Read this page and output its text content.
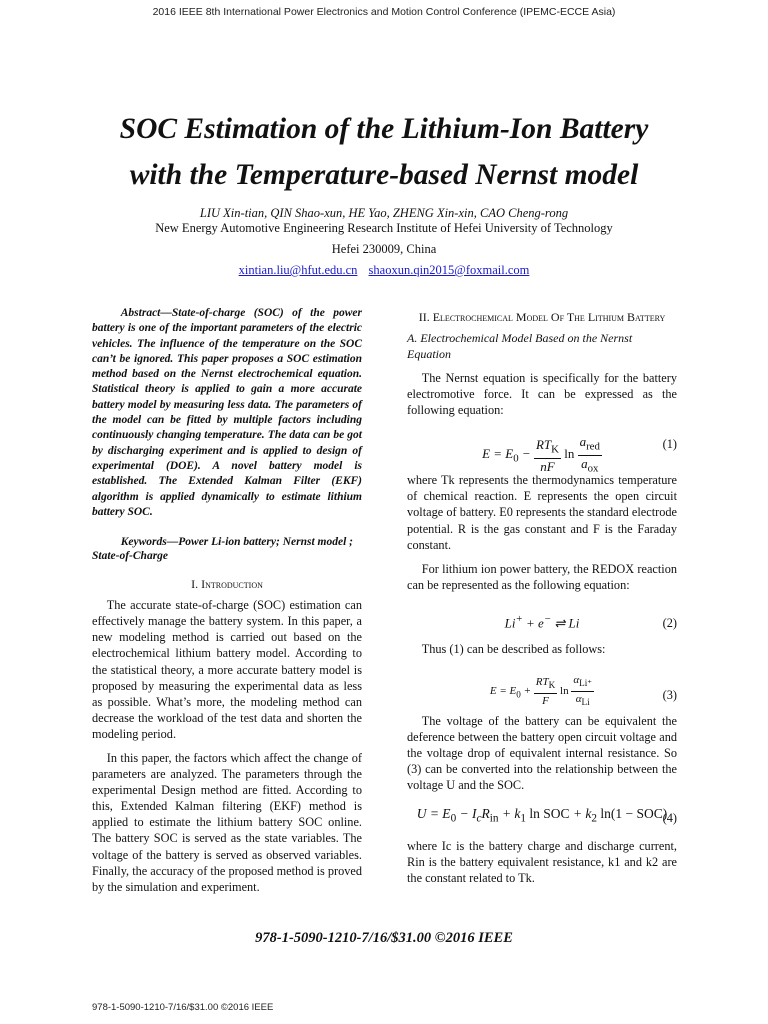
2016 IEEE 8th International Power Electronics and Motion Control Conference (IPEMC-ECCE Asia)
SOC Estimation of the Lithium-Ion Battery
with the Temperature-based Nernst model
LIU Xin-tian, QIN Shao-xun, HE Yao, ZHENG Xin-xin, CAO Cheng-rong
New Energy Automotive Engineering Research Institute of Hefei University of Technology
Hefei 230009, China
xintian.liu@hfut.edu.cn shaoxun.qin2015@foxmail.com
Abstract—State-of-charge (SOC) of the power battery is one of the important parameters of the electric vehicles. The influence of the temperature on the SOC can’t be ignored. This paper proposes a SOC estimation method based on the Nernst electrochemical equation. Statistical theory is applied to gain a more accurate battery model by measuring less data. The parameters of the model can be fitted by multiple factors including continuously changing temperature. The data can be got by discharging experiment and is applied to design of experimental (DOE). A novel battery model is established. The Extended Kalman Filter (EKF) algorithm is applied dynamically to estimate lithium battery SOC.
Keywords—Power Li-ion battery; Nernst model ; State-of-Charge
I. Introduction

The accurate state-of-charge (SOC) estimation can effectively manage the battery system. In this paper, a new modeling method is carried out based on the electrochemical lithium battery model. According to the statistical theory, a more accurate battery model is proposed by measuring the experimental data as less as possible. What’s more, the modeling method can decrease the workload of the test data and shorten the modeling period.

In this paper, the factors which affect the change of parameters are analyzed. The parameters through the experimental Design method are fitted. According to this, Extended Kalman filtering (EKF) method is applied to estimate the lithium battery SOC online. The battery SOC is served as the state variables. The voltage of the battery is served as observed variables. Finally, the accuracy of the proposed method is proved by the simulation and experiment.

II. Electrochemical Model Of The Lithium Battery
A. Electrochemical Model Based on the Nernst Equation

The Nernst equation is specifically for the battery electromotive force. It can be expressed as the following equation:

$E = E_0 - \frac{RT_K}{nF}$ $\ln \frac{a_{red}}{a_{ox}}$	(1)

where Tk represents the thermodynamics temperature of chemical reaction. E represents the open circuit voltage of battery. E0 represents the standard electrode potential. R is the gas constant and F is the Faraday constant.

For lithium ion power battery, the REDOX reaction can be represented as the following equation:

Li+ + e− ⇌ Li	(2)

Thus (1) can be described as follows:

$E = E_0 + \frac{RT_K}{F}$ $\ln \frac{\alpha_{Li^+}}{\alpha_{Li}}$	(3)

The voltage of the battery can be equivalent the deference between the battery open circuit voltage and the voltage drop of equivalent internal resistance. So (3) can be converted into the relationship between the voltage U and the SOC.

$U = E_0 - I_cR_{in} + k_1$ ln SOC + $k_2$ ln(1 − SOC)
(4)

where Ic is the battery charge and discharge current, Rin is the battery equivalent resistance, k1 and k2 are the constant related to Tk.

978-1-5090-1210-7/16/$31.00 ©2016 IEEE
978-1-5090-1210-7/16/$31.00 ©2016 IEEE
